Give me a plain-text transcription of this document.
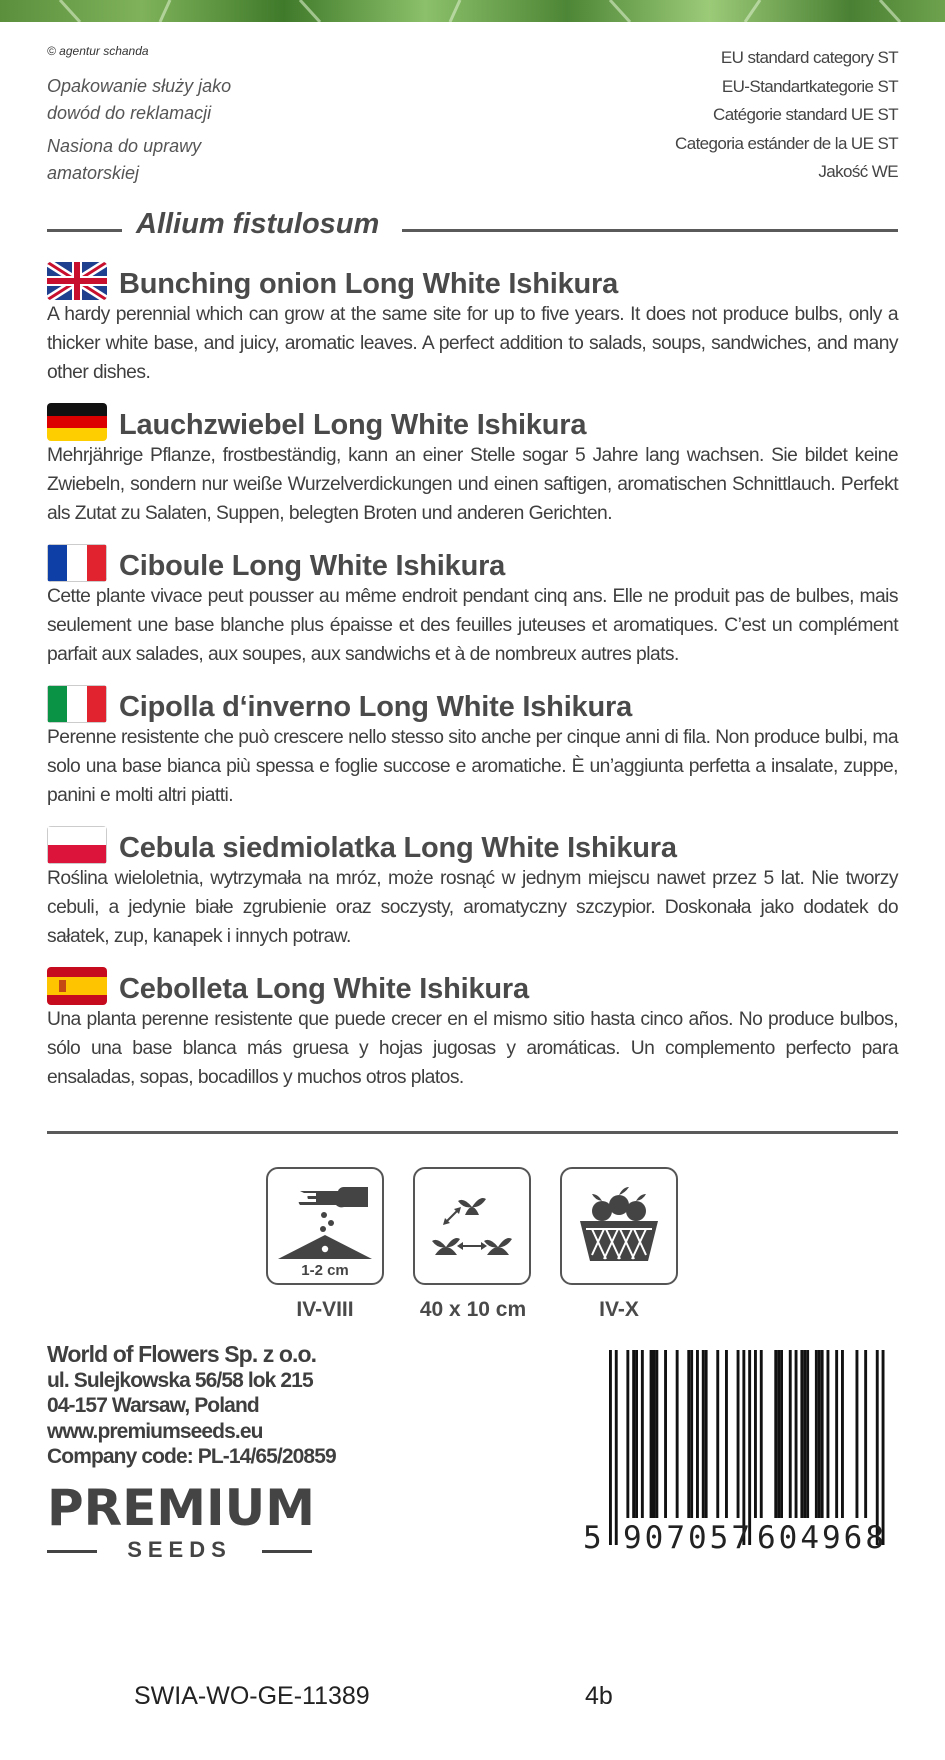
© agentur schanda

Opakowanie służy jako
dowód do reklamacji

Nasiona do uprawy
amatorskiej

EU standard category ST
EU-Standartkategorie ST
Catégorie standard UE ST
Categoria estánder de la UE ST
Jakość WE
Allium fistulosum
Bunching onion Long White Ishikura
A hardy perennial which can grow at the same site for up to five years. It does not produce bulbs, only a thicker white base, and juicy, aromatic leaves. A perfect addition to salads, soups, sandwiches, and many other dishes.
Lauchzwiebel Long White Ishikura
Mehrjährige Pflanze, frostbeständig, kann an einer Stelle sogar 5 Jahre lang wachsen. Sie bildet keine Zwiebeln, sondern nur weiße Wurzelverdickungen und einen saftigen, aromatischen Schnittlauch. Perfekt als Zutat zu Salaten, Suppen, belegten Broten und anderen Gerichten.
Ciboule Long White Ishikura
Cette plante vivace peut pousser au même endroit pendant cinq ans. Elle ne produit pas de bulbes, mais seulement une base blanche plus épaisse et des feuilles juteuses et aromatiques. C’est un complément parfait aux salades, aux soupes, aux sandwichs et à de nombreux autres plats.
Cipolla d‘inverno Long White Ishikura
Perenne resistente che può crescere nello stesso sito anche per cinque anni di fila. Non produce bulbi, ma solo una base bianca più spessa e foglie succose e aromatiche. È un’aggiunta perfetta a insalate, zuppe, panini e molti altri piatti.
Cebula siedmiolatka Long White Ishikura
Roślina wieloletnia, wytrzymała na mróz, może rosnąć w jednym miejscu nawet przez 5 lat. Nie tworzy cebuli, a jedynie białe zgrubienie oraz soczysty, aromatyczny szczypior. Doskonała jako dodatek do sałatek, zup, kanapek i innych potraw.
Cebolleta Long White Ishikura
Una planta perenne resistente que puede crecer en el mismo sitio hasta cinco años. No produce bulbos, sólo una base blanca más gruesa y hojas jugosas y aromáticas. Un complemento perfecto para ensaladas, sopas, bocadillos y muchos otros platos.
1-2 cm
IV-VIII	40 x 10 cm	IV-X
World of Flowers Sp. z o.o.
ul. Sulejkowska 56/58 lok 215
04-157 Warsaw, Poland
www.premiumseeds.eu
Company code: PL-14/65/20859
PREMIUM
SEEDS	5 907057 604968
SWIA-WO-GE-11389	4b
